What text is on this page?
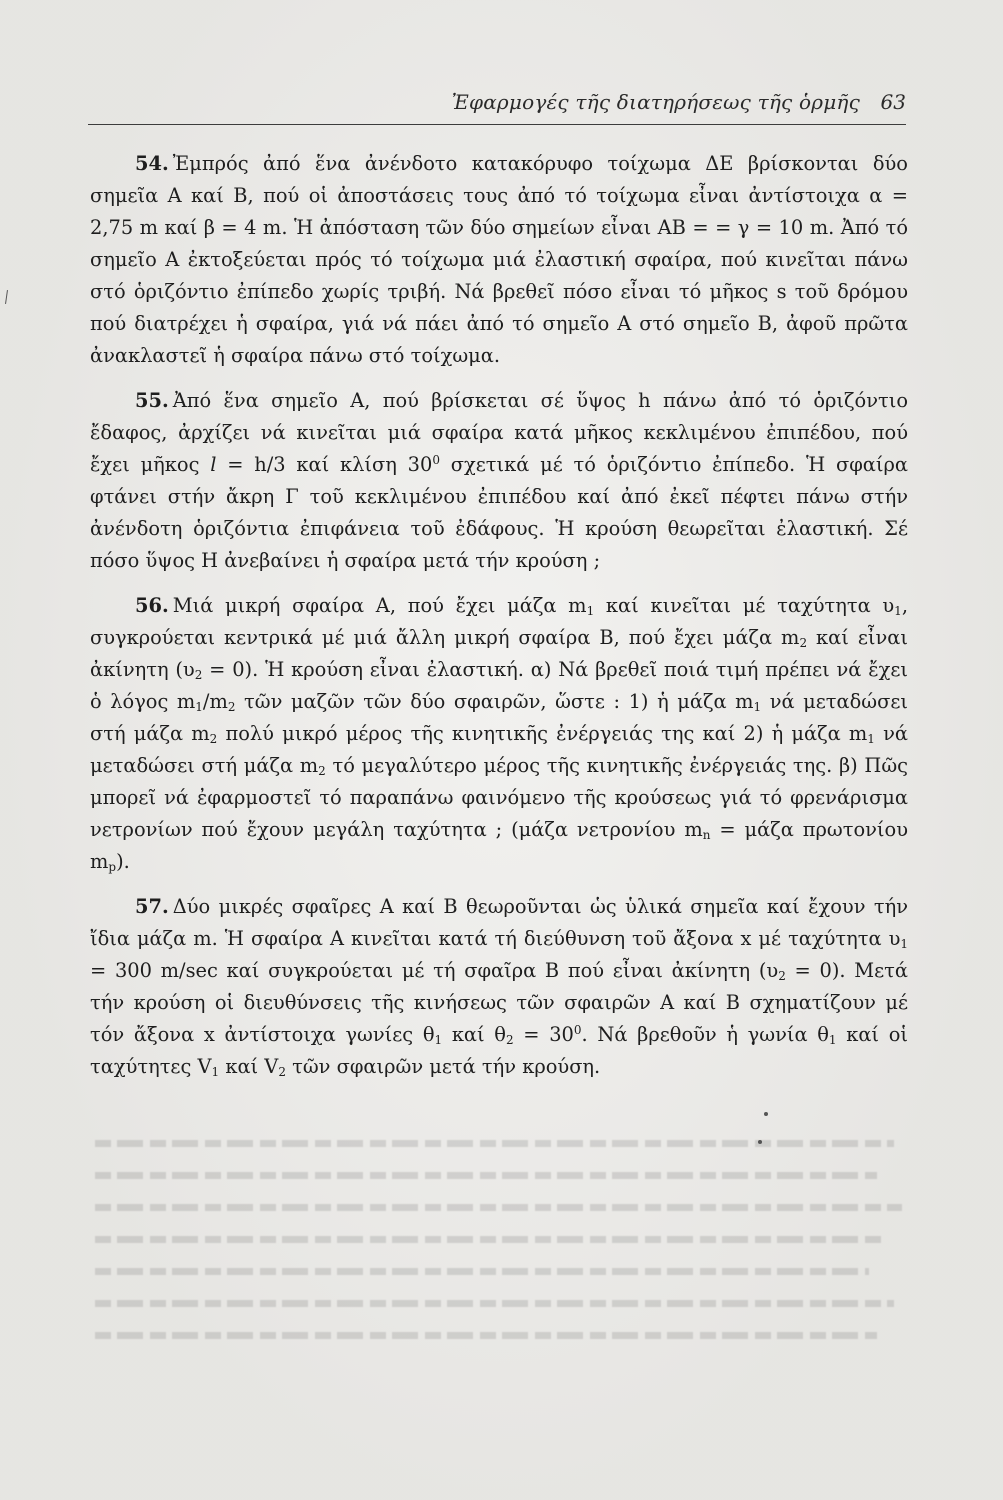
Ἐφαρμογές τῆς διατηρήσεως τῆς ὁρμῆς 63

54. Ἐμπρός ἀπό ἕνα ἀνένδοτο κατακόρυφο τοίχωμα ΔΕ βρίσκονται δύο σημεῖα Α καί Β, πού οἱ ἀποστάσεις τους ἀπό τό τοίχωμα εἶναι ἀντίστοιχα α = 2,75 m καί β = 4 m. Ἡ ἀπόσταση τῶν δύο σημείων εἶναι ΑΒ = = γ = 10 m. Ἀπό τό σημεῖο Α ἐκτοξεύεται πρός τό τοίχωμα μιά ἐλαστική σφαίρα, πού κινεῖται πάνω στό ὁριζόντιο ἐπίπεδο χωρίς τριβή. Νά βρεθεῖ πόσο εἶναι τό μῆκος s τοῦ δρόμου πού διατρέχει ἡ σφαίρα, γιά νά πάει ἀπό τό σημεῖο Α στό σημεῖο Β, ἀφοῦ πρῶτα ἀνακλαστεῖ ἡ σφαίρα πάνω στό τοίχωμα.

55. Ἀπό ἕνα σημεῖο Α, πού βρίσκεται σέ ὕψος h πάνω ἀπό τό ὁριζόντιο ἔδαφος, ἀρχίζει νά κινεῖται μιά σφαίρα κατά μῆκος κεκλιμένου ἐπιπέδου, πού ἔχει μῆκος l = h/3 καί κλίση $30^0$ σχετικά μέ τό ὁριζόντιο ἐπίπεδο. Ἡ σφαίρα φτάνει στήν ἄκρη Γ τοῦ κεκλιμένου ἐπιπέδου καί ἀπό ἐκεῖ πέφτει πάνω στήν ἀνένδοτη ὁριζόντια ἐπιφάνεια τοῦ ἐδάφους. Ἡ κρούση θεωρεῖται ἐλαστική. Σέ πόσο ὕψος Η ἀνεβαίνει ἡ σφαίρα μετά τήν κρούση ;

56. Μιά μικρή σφαίρα Α, πού ἔχει μάζα $m_1$ καί κινεῖται μέ ταχύτητα $\upsilon_1$, συγκρούεται κεντρικά μέ μιά ἄλλη μικρή σφαίρα Β, πού ἔχει μάζα $m_2$ καί εἶναι ἀκίνητη $(\upsilon_2 = 0)$. Ἡ κρούση εἶναι ἐλαστική. α) Νά βρεθεῖ ποιά τιμή πρέπει νά ἔχει ὁ λόγος $m_1/m_2$ τῶν μαζῶν τῶν δύο σφαιρῶν, ὥστε : 1) ἡ μάζα $m_1$ νά μεταδώσει στή μάζα $m_2$ πολύ μικρό μέρος τῆς κινητικῆς ἐνέργειάς της καί 2) ἡ μάζα $m_1$ νά μεταδώσει στή μάζα $m_2$ τό μεγαλύτερο μέρος τῆς κινητικῆς ἐνέργειάς της. β) Πῶς μπορεῖ νά ἐφαρμοστεῖ τό παραπάνω φαινόμενο τῆς κρούσεως γιά τό φρενάρισμα νετρονίων πού ἔχουν μεγάλη ταχύτητα ; (μάζα νετρονίου $m_n = \mu ά\zeta\alpha$ πρωτονίου $m_p$).

57. Δύο μικρές σφαῖρες Α καί Β θεωροῦνται ὡς ὑλικά σημεῖα καί ἔχουν τήν ἴδια μάζα m. Ἡ σφαίρα Α κινεῖται κατά τή διεύθυνση τοῦ ἄξονα x μέ ταχύτητα $\upsilon_1 = 300$ m/sec καί συγκρούεται μέ τή σφαῖρα Β πού εἶναι ἀκίνητη $(\upsilon_2 = 0)$. Μετά τήν κρούση οἱ διευθύνσεις τῆς κινήσεως τῶν σφαιρῶν Α καί Β σχηματίζουν μέ τόν ἄξονα x ἀντίστοιχα γωνίες $\theta_1$ καί $\theta_2 = 30^0$. Νά βρεθοῦν ἡ γωνία $\theta_1$ καί οἱ ταχύτητες $V_1$ καί $V_2$ τῶν σφαιρῶν μετά τήν κρούση.
